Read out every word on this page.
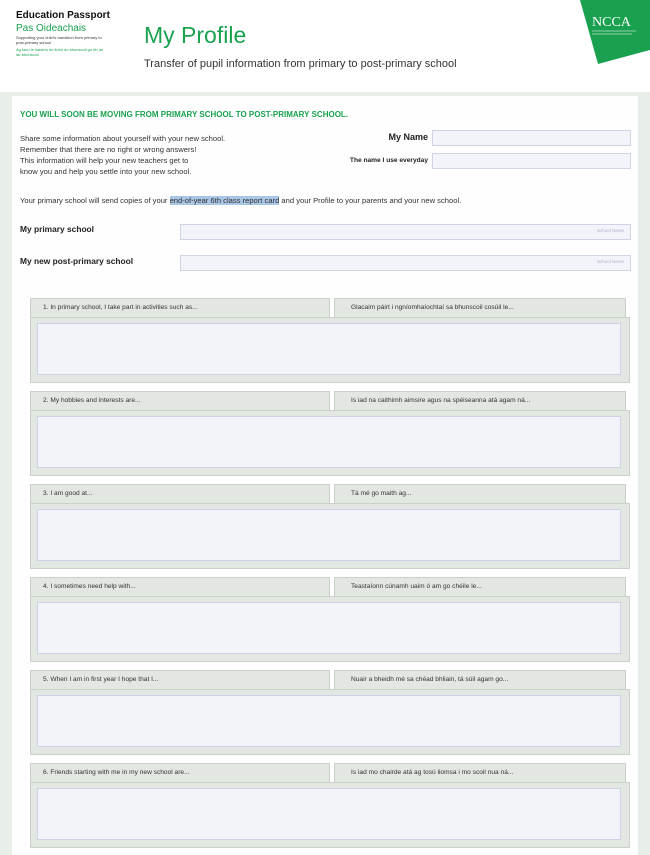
Education Passport
Pas Oideachais
Supporting your child's transition from primary to post-primary school
Ag tacú le haistriú do linbh ón bhunscoil go dtí an iar-bhunscoil
My Profile
Transfer of pupil information from primary to post-primary school
NCCA
YOU WILL SOON BE MOVING FROM PRIMARY SCHOOL TO POST-PRIMARY SCHOOL.
Share some information about yourself with your new school.
Remember that there are no right or wrong answers!
This information will help your new teachers get to
know you and help you settle into your new school.
My Name
The name I use everyday
Your primary school will send copies of your end-of-year 6th class report card and your Profile to your parents and your new school.
My primary school	School Name
My new post-primary school	School Name
1. In primary school, I take part in activities such as...	Glacaim páirt i ngníomhaíochtaí sa bhunscoil cosúil le...
2. My hobbies and interests are...	Is iad na caithimh aimsire agus na spéiseanna atá agam ná...
3. I am good at...	Tá mé go maith ag...
4. I sometimes need help with...	Teastaíonn cúnamh uaim ó am go chéile le...
5. When I am in first year I hope that I...	Nuair a bheidh mé sa chéad bhliain, tá súil agam go...
6. Friends starting with me in my new school are...	Is iad mo chairde atá ag tosú liomsa i mo scoil nua ná...
